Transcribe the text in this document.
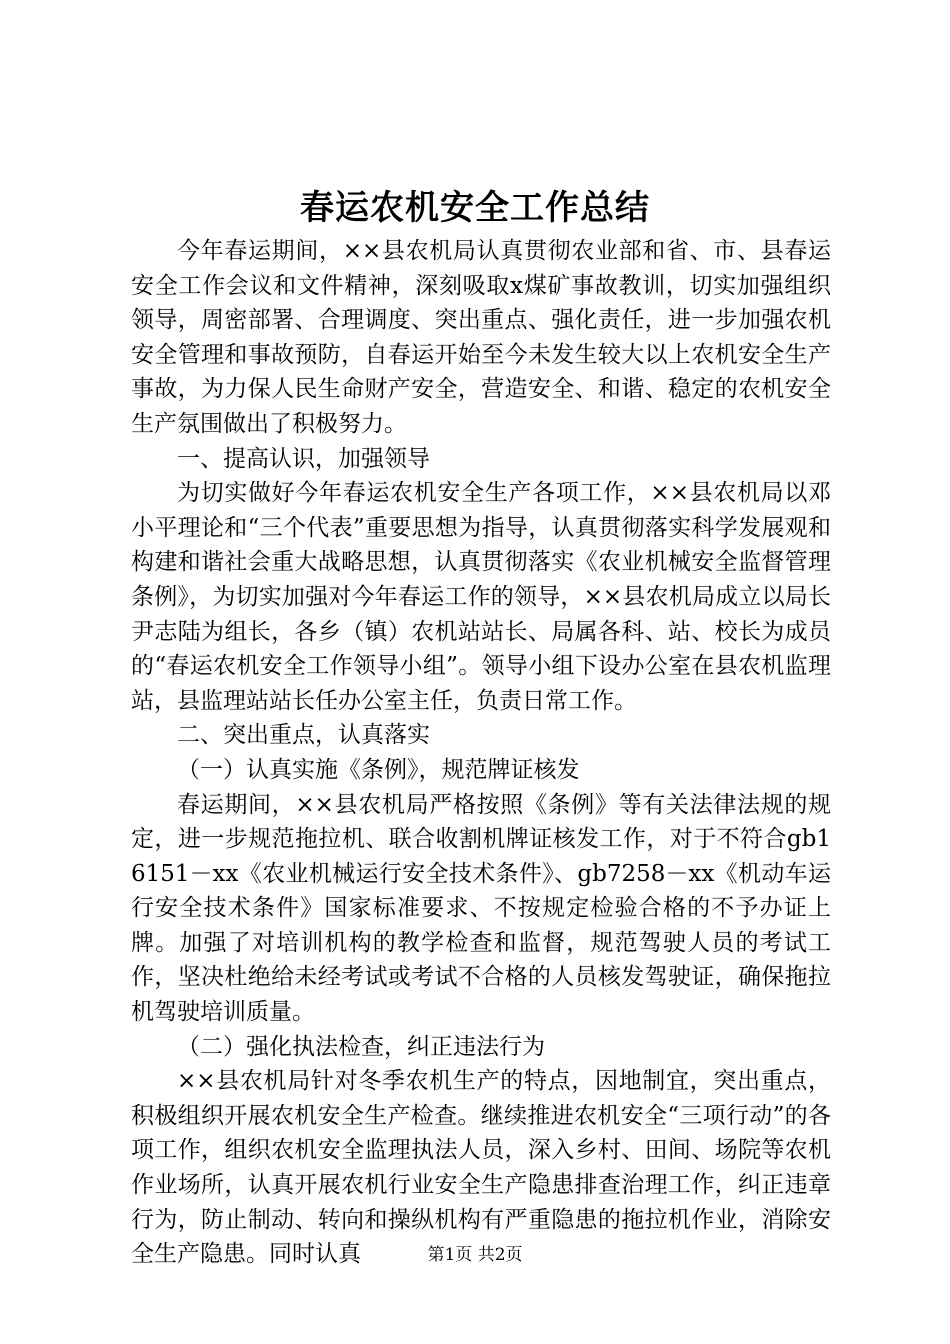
春运农机安全工作总结

今年春运期间，××县农机局认真贯彻农业部和省、市、县春运安全工作会议和文件精神，深刻吸取x煤矿事故教训，切实加强组织领导，周密部署、合理调度、突出重点、强化责任，进一步加强农机安全管理和事故预防，自春运开始至今未发生较大以上农机安全生产事故，为力保人民生命财产安全，营造安全、和谐、稳定的农机安全生产氛围做出了积极努力。

一、提高认识，加强领导

为切实做好今年春运农机安全生产各项工作，××县农机局以邓小平理论和“三个代表”重要思想为指导，认真贯彻落实科学发展观和构建和谐社会重大战略思想，认真贯彻落实《农业机械安全监督管理条例》，为切实加强对今年春运工作的领导，××县农机局成立以局长尹志陆为组长，各乡（镇）农机站站长、局属各科、站、校长为成员的“春运农机安全工作领导小组”。领导小组下设办公室在县农机监理站，县监理站站长任办公室主任，负责日常工作。

二、突出重点，认真落实

（一）认真实施《条例》，规范牌证核发

春运期间，××县农机局严格按照《条例》等有关法律法规的规定，进一步规范拖拉机、联合收割机牌证核发工作，对于不符合gb16151－xx《农业机械运行安全技术条件》、gb7258－xx《机动车运行安全技术条件》国家标准要求、不按规定检验合格的不予办证上牌。加强了对培训机构的教学检查和监督，规范驾驶人员的考试工作，坚决杜绝给未经考试或考试不合格的人员核发驾驶证，确保拖拉机驾驶培训质量。

（二）强化执法检查，纠正违法行为

××县农机局针对冬季农机生产的特点，因地制宜，突出重点，积极组织开展农机安全生产检查。继续推进农机安全“三项行动”的各项工作，组织农机安全监理执法人员，深入乡村、田间、场院等农机作业场所，认真开展农机行业安全生产隐患排查治理工作，纠正违章行为，防止制动、转向和操纵机构有严重隐患的拖拉机作业，消除安全生产隐患。同时认真	第1页 共2页
